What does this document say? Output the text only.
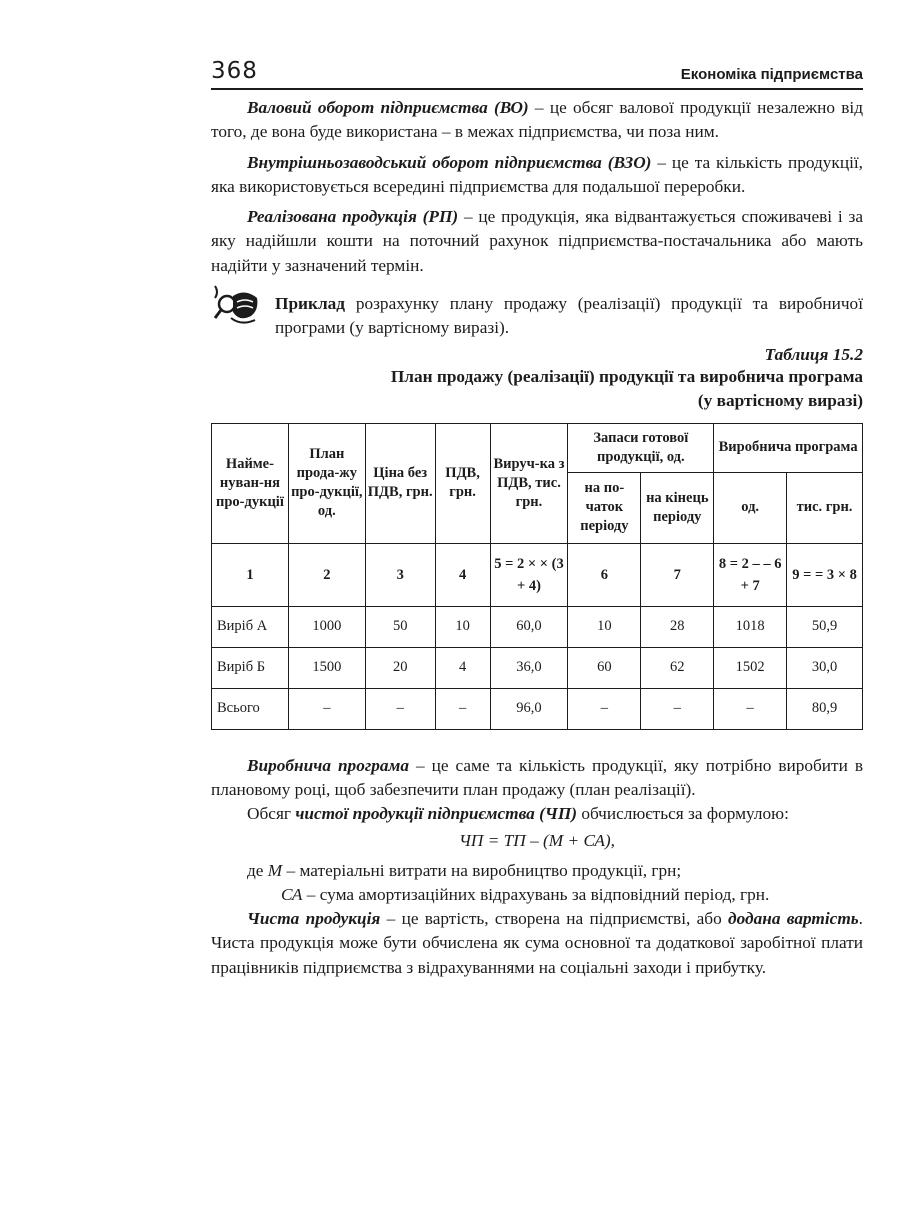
368	Економіка підприємства

Валовий оборот підприємства (ВО) – це обсяг валової продукції незалежно від того, де вона буде використана – в межах підприємства, чи поза ним.

Внутрішньозаводський оборот підприємства (ВЗО) – це та кількість продукції, яка використовується всередині підприємства для подальшої переробки.

Реалізована продукція (РП) – це продукція, яка відвантажується споживачеві і за яку надійшли кошти на поточний рахунок підприємства-постачальника або мають надійти у зазначений термін.

Приклад розрахунку плану продажу (реалізації) продукції та виробничої програми (у вартісному виразі).

Таблиця 15.2
План продажу (реалізації) продукції та виробнича програма
(у вартісному виразі)
Найме-нуван-ня про-дукції	План прода-жу про-дукції, од.	Ціна без ПДВ, грн.	ПДВ, грн.	Вируч-ка з ПДВ, тис. грн.	Запаси готової продукції, од.		Виробнича програма	
					на по-чаток періоду	на кінець періоду	од.	тис. грн.
1	2	3	4	5 = 2 × × (3 + 4)	6	7	8 = 2 – – 6 + 7	9 = = 3 × 8
Виріб А	1000	50	10	60,0	10	28	1018	50,9
Виріб Б	1500	20	4	36,0	60	62	1502	30,0
Всього	–	–	–	96,0	–	–	–	80,9

Виробнича програма – це саме та кількість продукції, яку потрібно виробити в плановому році, щоб забезпечити план продажу (план реалізації).

Обсяг чистої продукції підприємства (ЧП) обчислюється за формулою:

ЧП = ТП – (М + СА),

де М – матеріальні витрати на виробництво продукції, грн;

СА – сума амортизаційних відрахувань за відповідний період, грн.

Чиста продукція – це вартість, створена на підприємстві, або додана вартість. Чиста продукція може бути обчислена як сума основної та додаткової заробітної плати працівників підприємства з відрахуваннями на соціальні заходи і прибутку.
